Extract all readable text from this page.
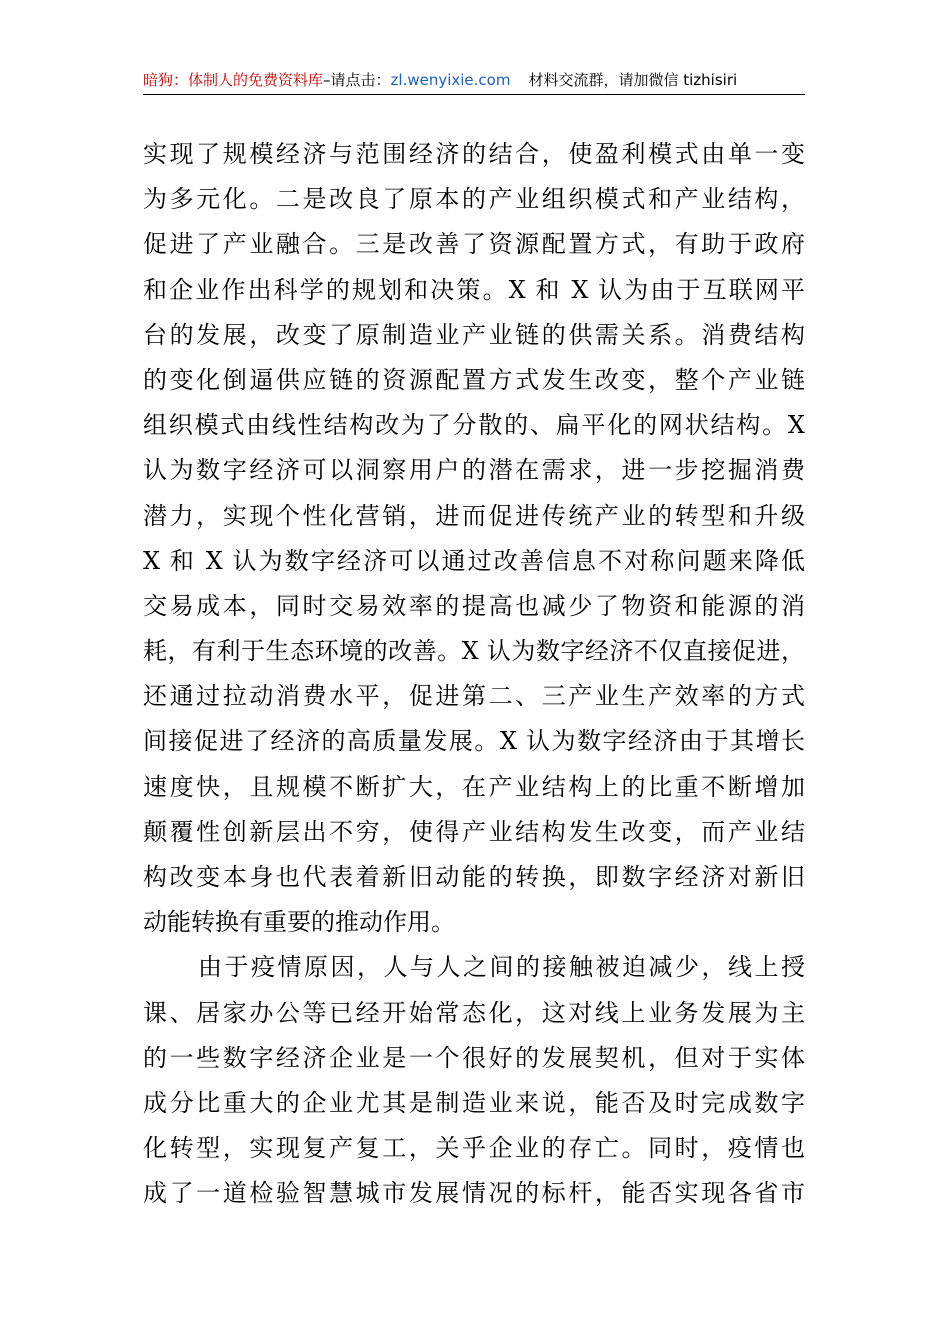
暗狗：体制人的免费资料库–请点击：zl.wenyixie.com 材料交流群，请加微信 tizhisiri
实现了规模经济与范围经济的结合，使盈利模式由单一变
为多元化。二是改良了原本的产业组织模式和产业结构，
促进了产业融合。三是改善了资源配置方式，有助于政府
和企业作出科学的规划和决策。X 和 X 认为由于互联网平
台的发展，改变了原制造业产业链的供需关系。消费结构
的变化倒逼供应链的资源配置方式发生改变，整个产业链
组织模式由线性结构改为了分散的、扁平化的网状结构。X
认为数字经济可以洞察用户的潜在需求，进一步挖掘消费
潜力，实现个性化营销，进而促进传统产业的转型和升级
X 和 X 认为数字经济可以通过改善信息不对称问题来降低
交易成本，同时交易效率的提高也减少了物资和能源的消
耗，有利于生态环境的改善。X 认为数字经济不仅直接促进，
还通过拉动消费水平，促进第二、三产业生产效率的方式
间接促进了经济的高质量发展。X 认为数字经济由于其增长
速度快，且规模不断扩大，在产业结构上的比重不断增加
颠覆性创新层出不穷，使得产业结构发生改变，而产业结
构改变本身也代表着新旧动能的转换，即数字经济对新旧
动能转换有重要的推动作用。
由于疫情原因，人与人之间的接触被迫减少，线上授
课、居家办公等已经开始常态化，这对线上业务发展为主
的一些数字经济企业是一个很好的发展契机，但对于实体
成分比重大的企业尤其是制造业来说，能否及时完成数字
化转型，实现复产复工，关乎企业的存亡。同时，疫情也
成了一道检验智慧城市发展情况的标杆，能否实现各省市
